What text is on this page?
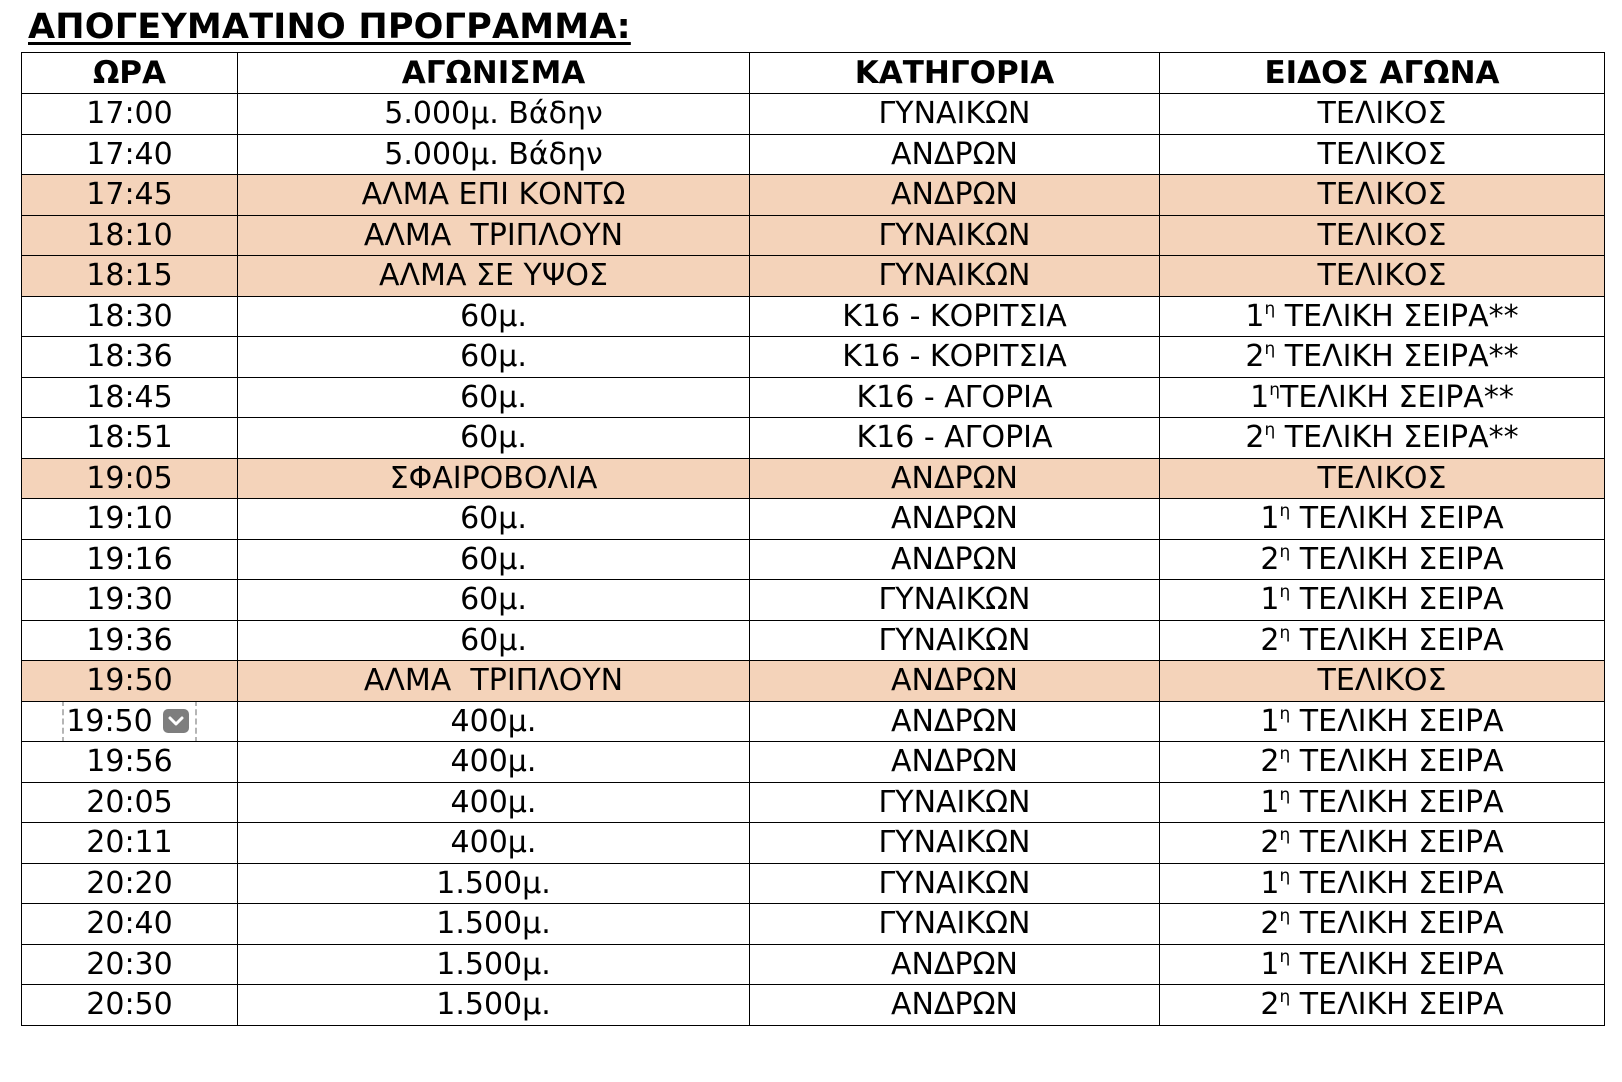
ΑΠΟΓΕΥΜΑΤΙΝΟ ΠΡΟΓΡΑΜΜΑ:
ΩΡΑ	ΑΓΩΝΙΣΜΑ	ΚΑΤΗΓΟΡΙΑ	ΕΙΔΟΣ ΑΓΩΝΑ
17:00	5.000μ. Βάδην	ΓΥΝΑΙΚΩΝ	ΤΕΛΙΚΟΣ
17:40	5.000μ. Βάδην	ΑΝΔΡΩΝ	ΤΕΛΙΚΟΣ
17:45	ΑΛΜΑ ΕΠΙ ΚΟΝΤΩ	ΑΝΔΡΩΝ	ΤΕΛΙΚΟΣ
18:10	ΑΛΜΑ  ΤΡΙΠΛΟΥΝ	ΓΥΝΑΙΚΩΝ	ΤΕΛΙΚΟΣ
18:15	ΑΛΜΑ ΣΕ ΥΨΟΣ	ΓΥΝΑΙΚΩΝ	ΤΕΛΙΚΟΣ
18:30	60μ.	Κ16 - ΚΟΡΙΤΣΙΑ	$1^\eta$ ΤΕΛΙΚΗ ΣΕΙΡΑ**
18:36	60μ.	Κ16 - ΚΟΡΙΤΣΙΑ	$2^\eta$ ΤΕΛΙΚΗ ΣΕΙΡΑ**
18:45	60μ.	Κ16 - ΑΓΟΡΙΑ	$1^\eta TE\Lambda IKH$ ΣΕΙΡΑ**
18:51	60μ.	Κ16 - ΑΓΟΡΙΑ	$2^\eta$ ΤΕΛΙΚΗ ΣΕΙΡΑ**
19:05	ΣΦΑΙΡΟΒΟΛΙΑ	ΑΝΔΡΩΝ	ΤΕΛΙΚΟΣ
19:10	60μ.	ΑΝΔΡΩΝ	$1^\eta$ ΤΕΛΙΚΗ ΣΕΙΡΑ
19:16	60μ.	ΑΝΔΡΩΝ	$2^\eta$ ΤΕΛΙΚΗ ΣΕΙΡΑ
19:30	60μ.	ΓΥΝΑΙΚΩΝ	$1^\eta$ ΤΕΛΙΚΗ ΣΕΙΡΑ
19:36	60μ.	ΓΥΝΑΙΚΩΝ	$2^\eta$ ΤΕΛΙΚΗ ΣΕΙΡΑ
19:50	ΑΛΜΑ  ΤΡΙΠΛΟΥΝ	ΑΝΔΡΩΝ	ΤΕΛΙΚΟΣ
19:50	400μ.	ΑΝΔΡΩΝ	$1^\eta$ ΤΕΛΙΚΗ ΣΕΙΡΑ
19:56	400μ.	ΑΝΔΡΩΝ	$2^\eta$ ΤΕΛΙΚΗ ΣΕΙΡΑ
20:05	400μ.	ΓΥΝΑΙΚΩΝ	$1^\eta$ ΤΕΛΙΚΗ ΣΕΙΡΑ
20:11	400μ.	ΓΥΝΑΙΚΩΝ	$2^\eta$ ΤΕΛΙΚΗ ΣΕΙΡΑ
20:20	1.500μ.	ΓΥΝΑΙΚΩΝ	$1^\eta$ ΤΕΛΙΚΗ ΣΕΙΡΑ
20:40	1.500μ.	ΓΥΝΑΙΚΩΝ	$2^\eta$ ΤΕΛΙΚΗ ΣΕΙΡΑ
20:30	1.500μ.	ΑΝΔΡΩΝ	$1^\eta$ ΤΕΛΙΚΗ ΣΕΙΡΑ
20:50	1.500μ.	ΑΝΔΡΩΝ	$2^\eta$ ΤΕΛΙΚΗ ΣΕΙΡΑ
